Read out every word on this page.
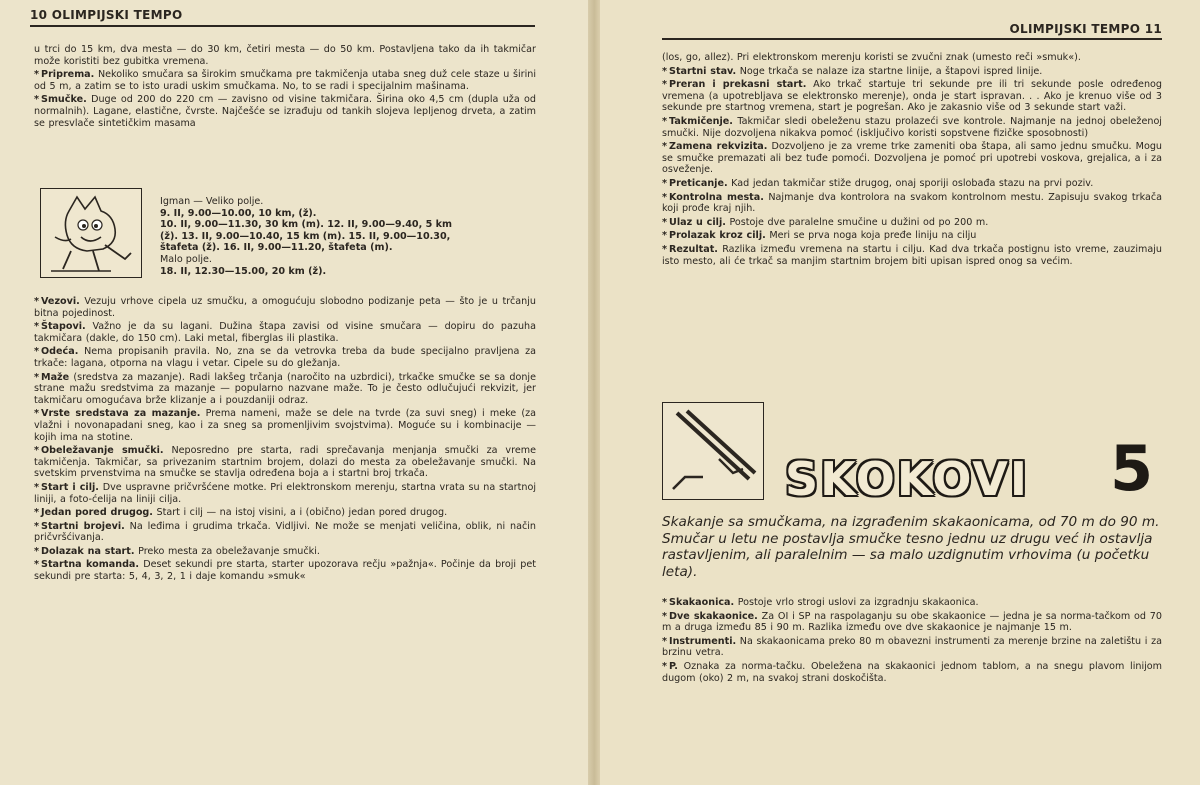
10 OLIMPIJSKI TEMPO
u trci do 15 km, dva mesta — do 30 km, četiri mesta — do 50 km. Postavljena tako da ih takmičar može koristiti bez gubitka vremena.
* Priprema. Nekoliko smučara sa širokim smučkama pre takmičenja utaba sneg duž cele staze u širini od 5 m, a zatim se to isto uradi uskim smučkama. No, to se radi i specijalnim mašinama.
* Smučke. Duge od 200 do 220 cm — zavisno od visine takmičara. Širina oko 4,5 cm (dupla uža od normalnih). Lagane, elastične, čvrste. Najčešće se izrađuju od tankih slojeva lepljenog drveta, a zatim se presvlače sintetičkim masama
Igman — Veliko polje.
9. II, 9.00—10.00, 10 km, (ž).
10. II, 9.00—11.30, 30 km (m). 12. II, 9.00—9.40, 5 km
(ž). 13. II, 9.00—10.40, 15 km (m). 15. II, 9.00—10.30,
štafeta (ž). 16. II, 9.00—11.20, štafeta (m).
Malo polje.
18. II, 12.30—15.00, 20 km (ž).
* Vezovi. Vezuju vrhove cipela uz smučku, a omogućuju slobodno podizanje peta — što je u trčanju bitna pojedinost.
* Štapovi. Važno je da su lagani. Dužina štapa zavisi od visine smučara — dopiru do pazuha takmičara (dakle, do 150 cm). Laki metal, fiberglas ili plastika.
* Odeća. Nema propisanih pravila. No, zna se da vetrovka treba da bude specijalno pravljena za trkače: lagana, otporna na vlagu i vetar. Cipele su do gležanja.
* Maže (sredstva za mazanje). Radi lakšeg trčanja (naročito na uzbrdici), trkačke smučke se sa donje strane mažu sredstvima za mazanje — popularno nazvane maže. To je često odlučujući rekvizit, jer takmičaru omogućava brže klizanje a i pouzdaniji odraz.
* Vrste sredstava za mazanje. Prema nameni, maže se dele na tvrde (za suvi sneg) i meke (za vlažni i novonapadani sneg, kao i za sneg sa promenljivim svojstvima). Moguće su i kombinacije — kojih ima na stotine.
* Obeležavanje smučki. Neposredno pre starta, radi sprečavanja menjanja smučki za vreme takmičenja. Takmičar, sa privezanim startnim brojem, dolazi do mesta za obeležavanje smučki. Na svetskim prvenstvima na smučke se stavlja određena boja a i startni broj trkača.
* Start i cilj. Dve uspravne pričvršćene motke. Pri elektronskom merenju, startna vrata su na startnoj liniji, a foto-ćelija na liniji cilja.
* Jedan pored drugog. Start i cilj — na istoj visini, a i (obično) jedan pored drugog.
* Startni brojevi. Na leđima i grudima trkača. Vidljivi. Ne može se menjati veličina, oblik, ni način pričvršćivanja.
* Dolazak na start. Preko mesta za obeležavanje smučki.
* Startna komanda. Deset sekundi pre starta, starter upozorava rečju »pažnja«. Počinje da broji pet sekundi pre starta: 5, 4, 3, 2, 1 i daje komandu »smuk«
OLIMPIJSKI TEMPO 11
(los, go, allez). Pri elektronskom merenju koristi se zvučni znak (umesto reči »smuk«).
* Startni stav. Noge trkača se nalaze iza startne linije, a štapovi ispred linije.
* Preran i prekasni start. Ako trkač startuje tri sekunde pre ili tri sekunde posle određenog vremena (a upotrebljava se elektronsko merenje), onda je start ispravan. . . Ako je krenuo više od 3 sekunde pre startnog vremena, start je pogrešan. Ako je zakasnio više od 3 sekunde start važi.
* Takmičenje. Takmičar sledi obeleženu stazu prolazeći sve kontrole. Najmanje na jednoj obeleženoj smučki. Nije dozvoljena nikakva pomoć (isključivo koristi sopstvene fizičke sposobnosti)
* Zamena rekvizita. Dozvoljeno je za vreme trke zameniti oba štapa, ali samo jednu smučku. Mogu se smučke premazati ali bez tuđe pomoći. Dozvoljena je pomoć pri upotrebi voskova, grejalica, a i za osveženje.
* Preticanje. Kad jedan takmičar stiže drugog, onaj sporiji oslobađa stazu na prvi poziv.
* Kontrolna mesta. Najmanje dva kontrolora na svakom kontrolnom mestu. Zapisuju svakog trkača koji prođe kraj njih.
* Ulaz u cilj. Postoje dve paralelne smučine u dužini od po 200 m.
* Prolazak kroz cilj. Meri se prva noga koja pređe liniju na cilju
* Rezultat. Razlika između vremena na startu i cilju. Kad dva trkača postignu isto vreme, zauzimaju isto mesto, ali će trkač sa manjim startnim brojem biti upisan ispred onog sa većim.
SKOKOVI 5
Skakanje sa smučkama, na izgrađenim skakaonicama, od 70 m do 90 m. Smučar u letu ne postavlja smučke tesno jednu uz drugu već ih ostavlja rastavljenim, ali paralelnim — sa malo uzdignutim vrhovima (u početku leta).
* Skakaonica. Postoje vrlo strogi uslovi za izgradnju skakaonica.
* Dve skakaonice. Za OI i SP na raspolaganju su obe skakaonice — jedna je sa norma-tačkom od 70 m a druga između 85 i 90 m. Razlika između ove dve skakaonice je najmanje 15 m.
* Instrumenti. Na skakaonicama preko 80 m obavezni instrumenti za merenje brzine na zaletištu i za brzinu vetra.
* P. Oznaka za norma-tačku. Obeležena na skakaonici jednom tablom, a na snegu plavom linijom dugom (oko) 2 m, na svakoj strani doskočišta.
